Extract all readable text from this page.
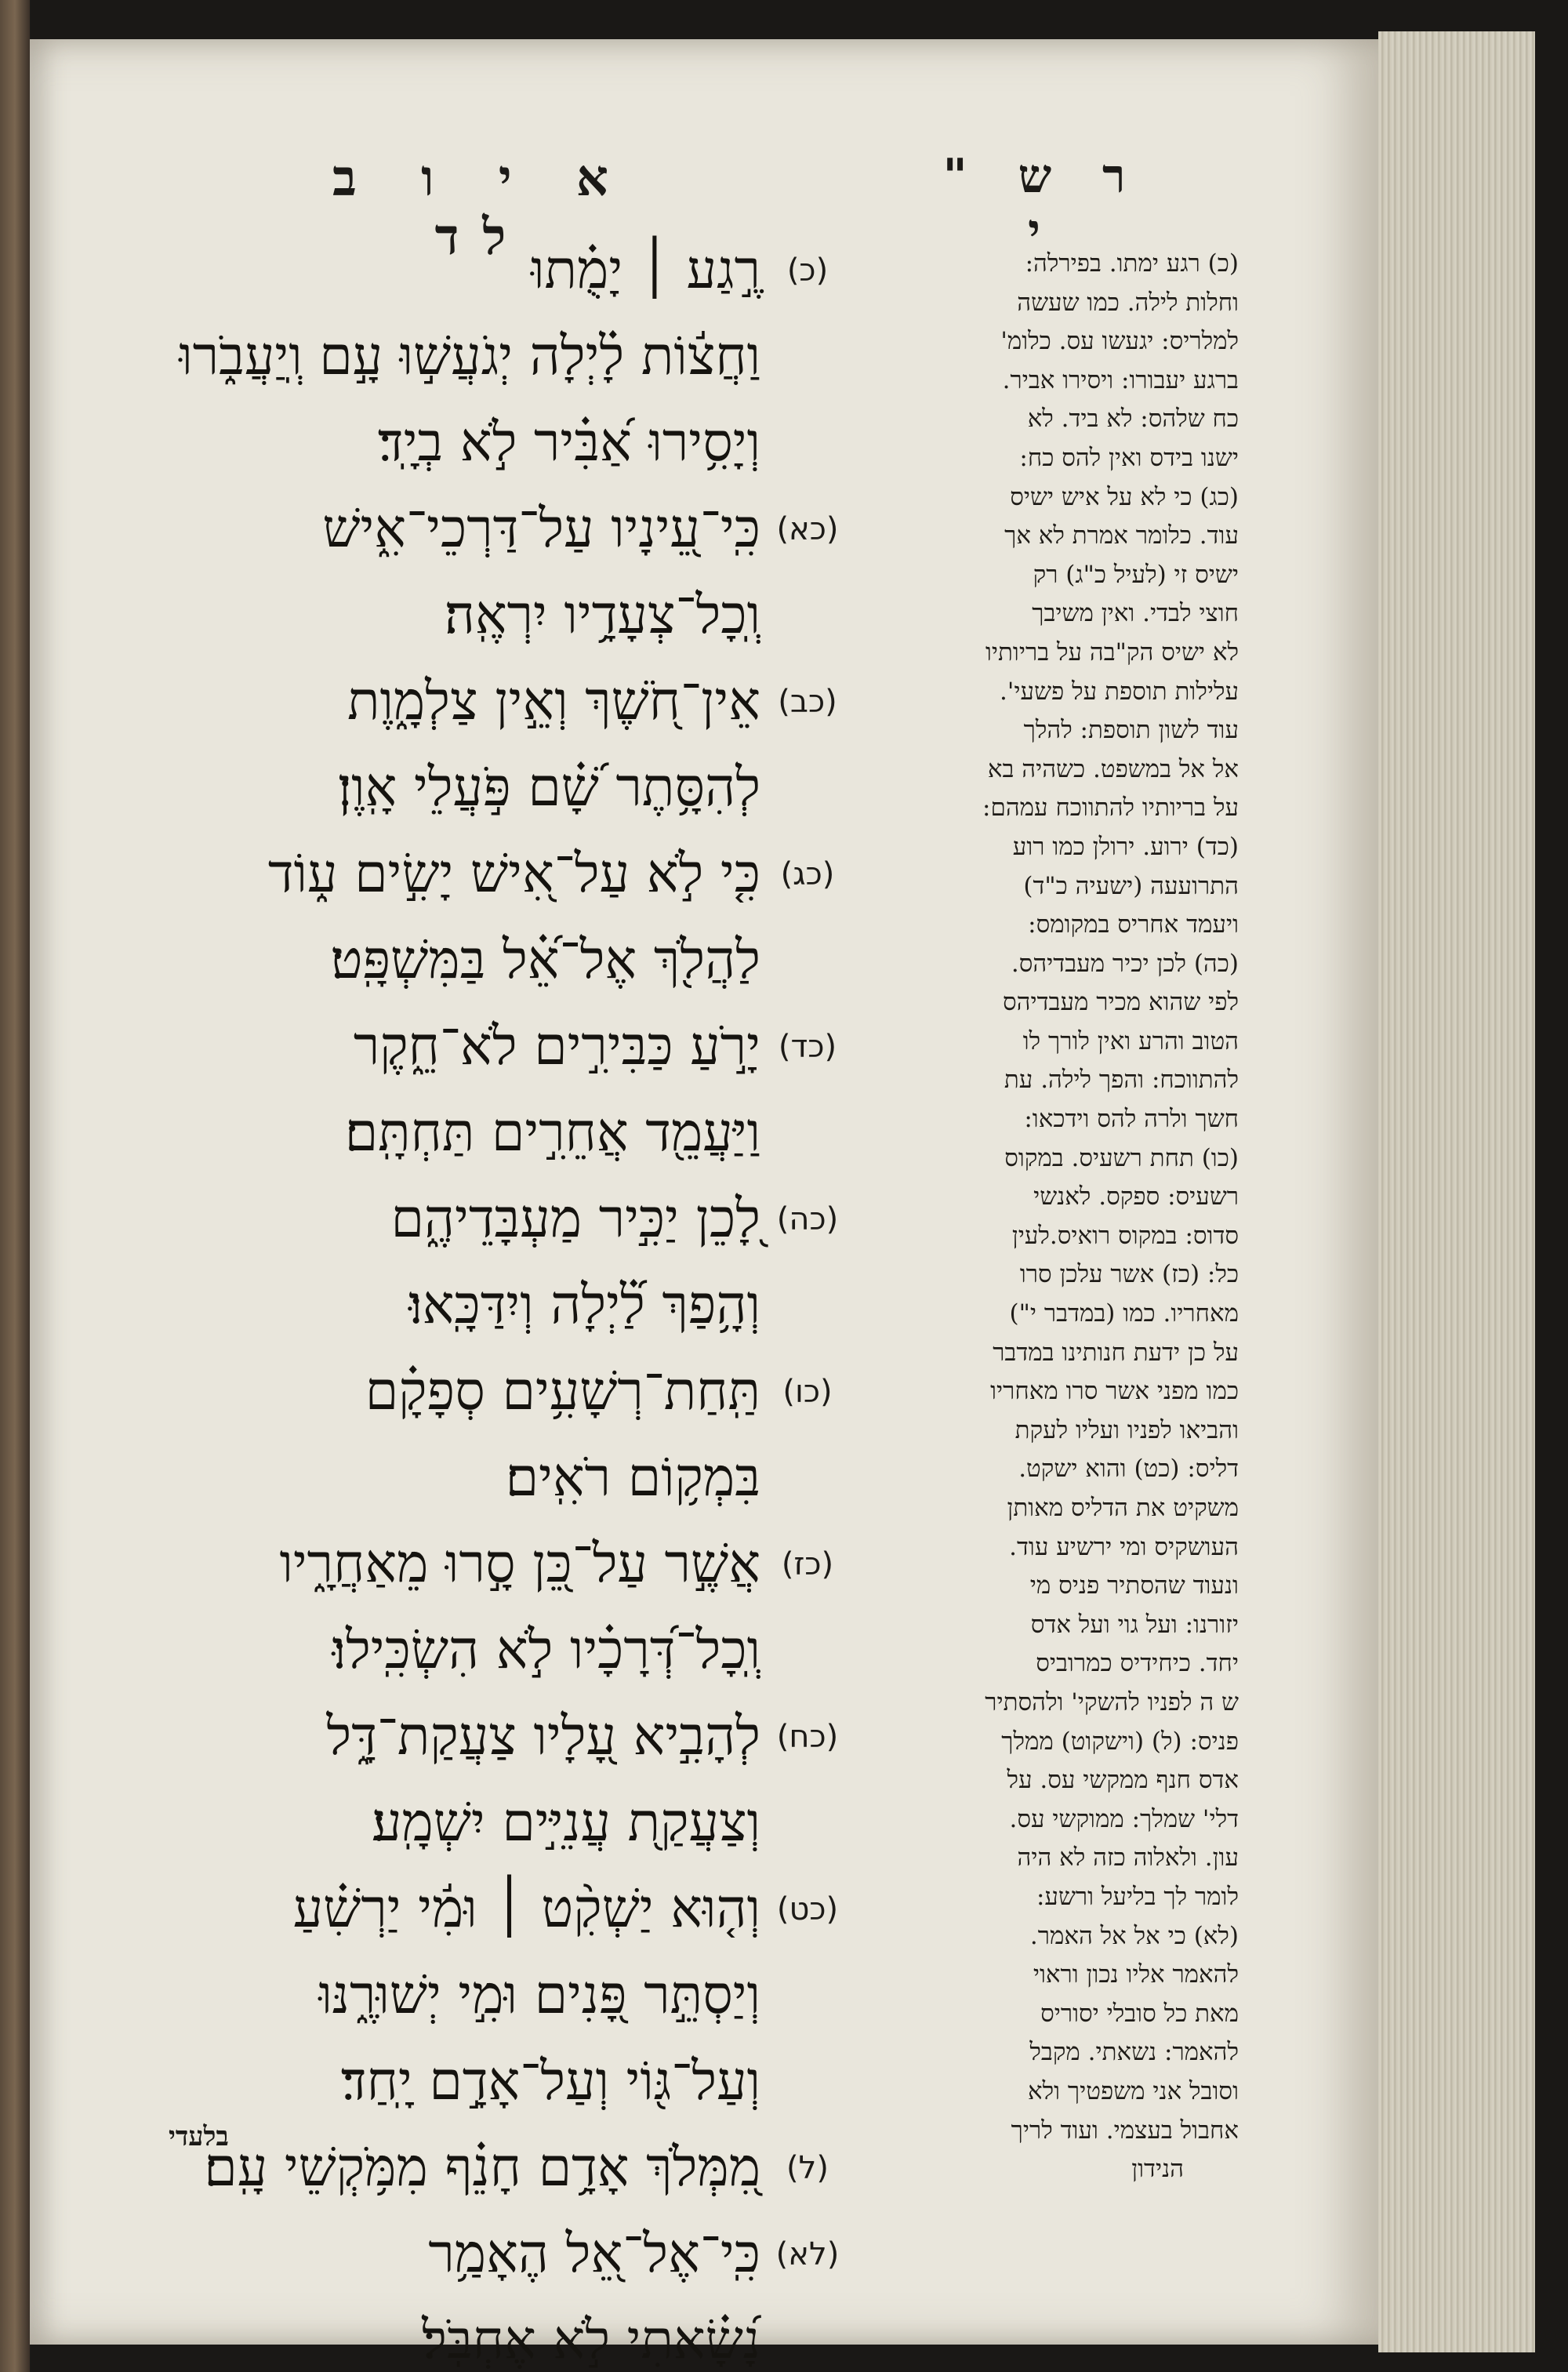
א י ו ב לד
ר ש " י
(כ)
רֶ֣גַע ׀ יָמֻ֗תוּ
וַחֲצ֬וֹת לָ֗יְלָה יְגֹעֲשׁ֣וּ עָ֣ם וְֽיַעֲבֹ֑רוּ
וְיָסִ֥ירוּ אַ֝בִּ֗יר לֹ֣א בְיָֽד׃
(כא)
כִּֽי־עֵ֭ינָיו עַל־דַּרְכֵי־אִ֑ישׁ
וְֽכָל־צְעָדָ֥יו יִרְאֶֽה׃
(כב)
אֵין־חֹ֭שֶׁךְ וְאֵ֣ין צַלְמָ֑וֶת
לְהִסָּ֥תֶר שָׁ֝֗ם פֹּ֣עֲלֵי אָֽוֶן׃
(כג)
כִּ֤י לֹ֣א עַל־אִ֭ישׁ יָשִׂ֣ים ע֑וֹד
לַהֲלֹ֖ךְ אֶל־אֵ֝֗ל בַּמִּשְׁפָּֽט׃
(כד)
יָרֹ֣עַ כַּבִּירִ֣ים לֹא־חֵ֑קֶר
וַיַּעֲמֵ֖ד אֲחֵרִ֣ים תַּחְתָּֽם׃
(כה)
לָ֭כֵן יַכִּ֣יר מַעְבָּדֵיהֶ֑ם
וְהָ֥פַךְ לַ֝֗יְלָה וְיִדַּכָּֽאוּ׃
(כו)
תַּֽחַת־רְשָׁעִ֥ים סְפָקָ֗ם
בִּמְק֥וֹם רֹאִֽים׃
(כז)
אֲשֶׁ֣ר עַל־כֵּ֭ן סָ֣רוּ מֵאַחֲרָ֑יו
וְֽכָל־דְּ֝רָכָ֗יו לֹ֣א הִשְׂכִּֽילוּ׃
(כח)
לְהָבִ֣יא עָ֭לָיו צַעֲקַת־דָּ֑ל
וְצַעֲקַ֖ת עֲנִיִּ֣ים יִשְׁמָֽע׃
(כט)
וְה֤וּא יַשְׁקִ֨ט ׀ וּמִ֬י יַרְשִׁ֗עַ
וְיַסְתֵּ֣ר פָּ֭נִים וּמִ֣י יְשׁוּרֶ֑נּוּ
וְעַל־גּ֖וֹי וְעַל־אָדָ֣ם יָֽחַד׃
(ל)
מִ֭מְּלֹךְ אָדָ֥ם חָנֵ֗ף מִמֹּ֥קְשֵׁי עָֽם׃
(לא)
כִּֽי־אֶל־אֵ֭ל הֶאָמַ֥ר
נָ֝שָׂ֗אתִי לֹ֣א אֶחְבֹּֽל׃
(כ) רגע ימתו. בפירלה:
וחלות לילה. כמו שעשה
למלריס: יגעשו עס. כלומ'
ברגע יעבורו: ויסירו אביר.
כח שלהס: לא ביד. לא
ישנו בידס ואין להס כח:
(כג) כי לא על איש ישיס
עוד. כלומר אמרת לא אך
ישיס זי (לעיל כ"ג) רק
חוצי לבדי. ואין משיבך
לא ישיס הק"בה על בריותיו
עלילות תוספת על פשעי'.
עוד לשון תוספת: להלך
אל אל במשפט. כשהיה בא
על בריותיו להתווכח עמהם:
(כד) ירוע. ירולן כמו רוע
התרועעה (ישעיה כ"ד)
ויעמד אחריס במקומס:
(כה) לכן יכיר מעבדיהס.
לפי שהוא מכיר מעבדיהס
הטוב והרע ואין לורך לו
להתווכח: והפך לילה. עת
חשך ולרה להס וידכאו:
(כו) תחת רשעיס. במקוס
רשעיס: ספקס. לאנשי
סדוס: במקוס רואיס.לעין
כל: (כז) אשר עלכן סרו
מאחריו. כמו (במדבר י")
על כן ידעת חנותינו במדבר
כמו מפני אשר סרו מאחריו
והביאו לפניו ועליו לעקת
דליס: (כט) והוא ישקט.
משקיט את הדליס מאותן
העושקיס ומי ירשיע עוד.
ונעוד שהסתיר פניס מי
יזורנו: ועל גוי ועל אדס
יחד. כיחידיס כמרוביס
ש ה לפניו להשקי' ולהסתיר
פניס: (ל) (וישקוט) ממלך
אדס חנף ממקשי עס. על
דלי' שמלך: ממוקשי עס.
עון. ולאלוה כזה לא היה
לומר לך בליעל ורשע:
(לא) כי אל אל האמר.
להאמר אליו נכון וראוי
מאת כל סובלי יסוריס
להאמר: נשאתי. מקבל
וסובל אני משפטיך ולא
אחבול בעצמי. ועוד לריך
הנידון
בלעדי
